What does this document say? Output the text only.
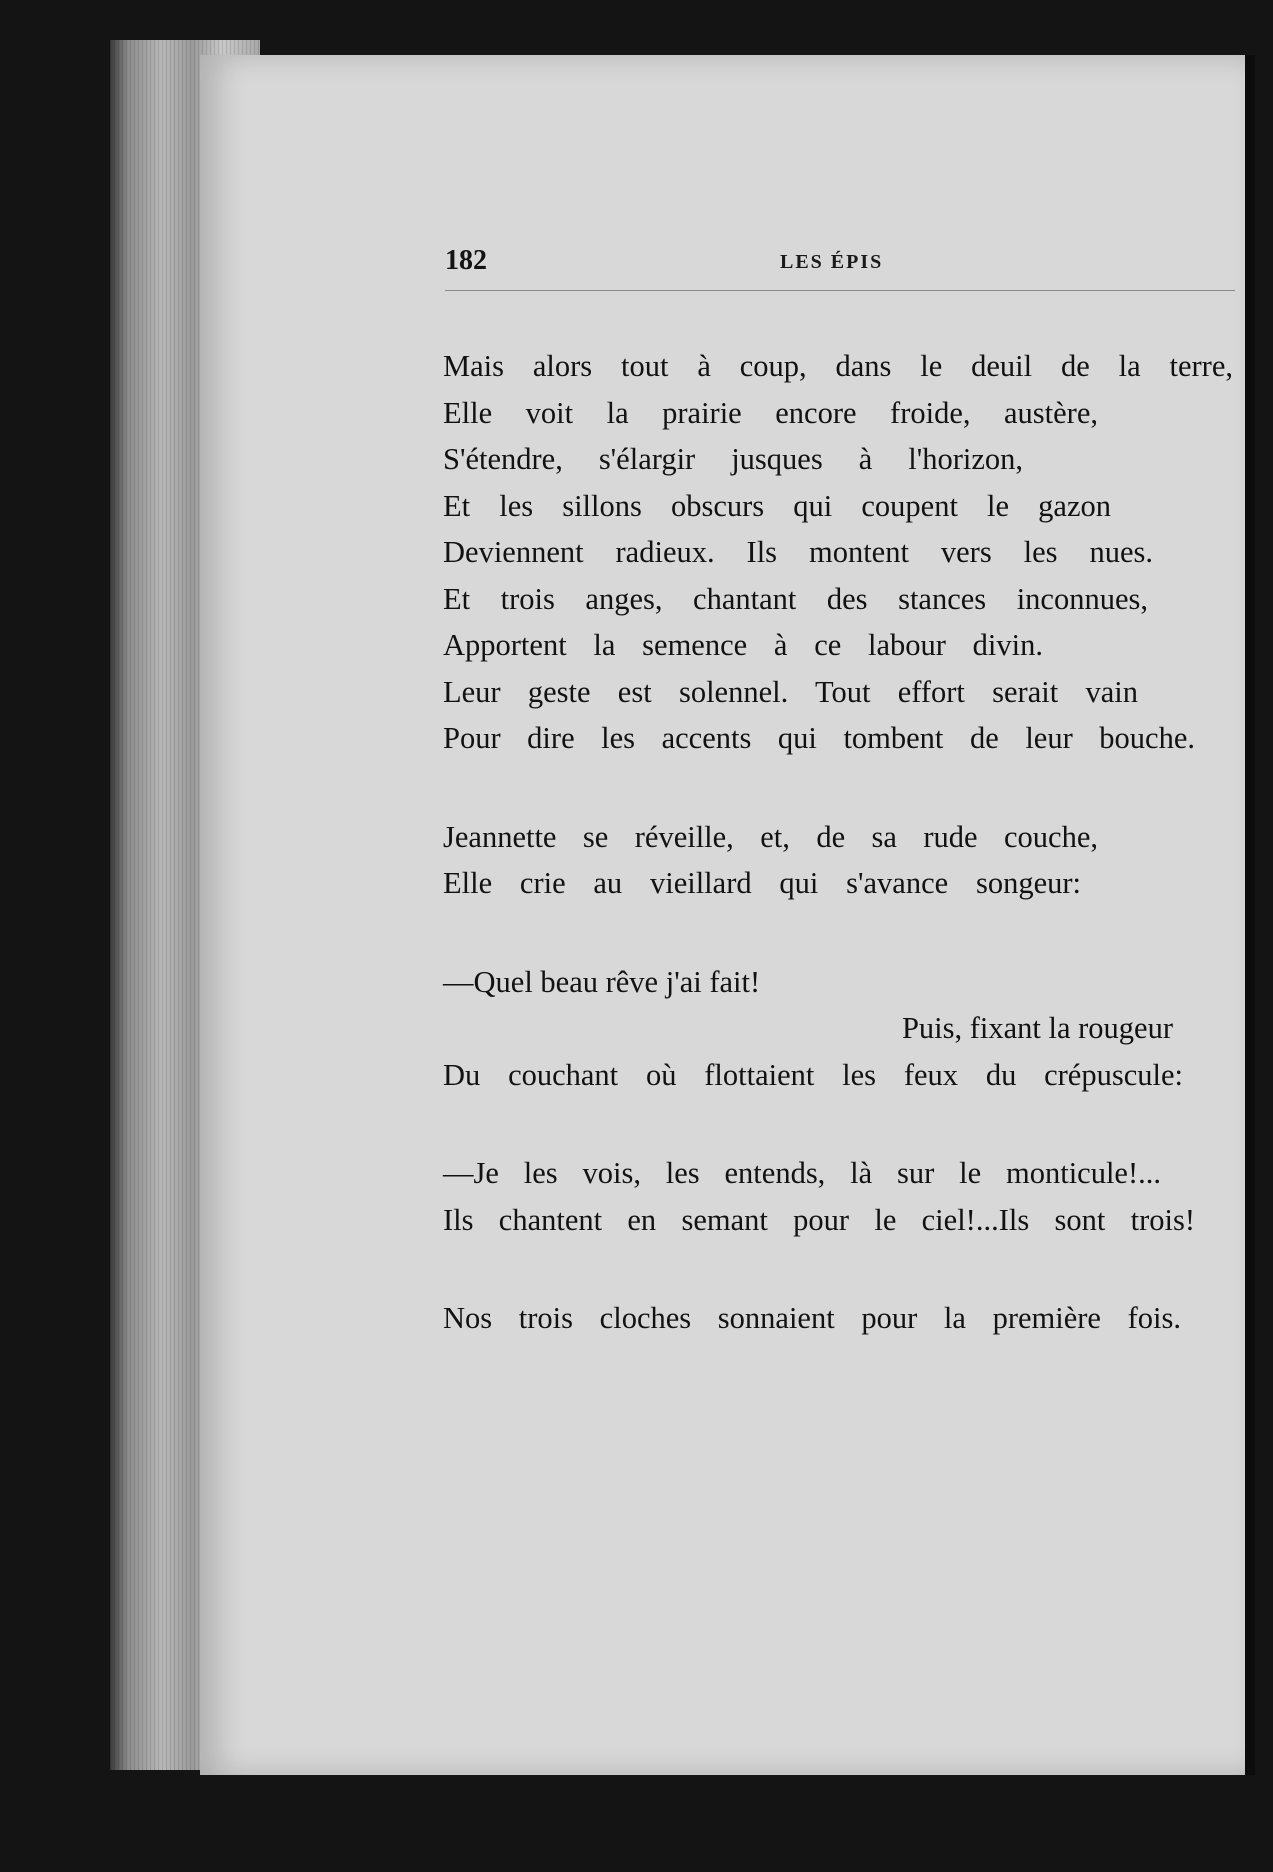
182	LES ÉPIS
Mais alors tout à coup, dans le deuil de la terre,
Elle voit la prairie encore froide, austère,
S'étendre, s'élargir jusques à l'horizon,
Et les sillons obscurs qui coupent le gazon
Deviennent radieux. Ils montent vers les nues.
Et trois anges, chantant des stances inconnues,
Apportent la semence à ce labour divin.
Leur geste est solennel. Tout effort serait vain
Pour dire les accents qui tombent de leur bouche.
Jeannette se réveille, et, de sa rude couche,
Elle crie au vieillard qui s'avance songeur:
—Quel beau rêve j'ai fait!
Puis, fixant la rougeur
Du couchant où flottaient les feux du crépuscule:
—Je les vois, les entends, là sur le monticule!...
Ils chantent en semant pour le ciel!...Ils sont trois!
Nos trois cloches sonnaient pour la première fois.
